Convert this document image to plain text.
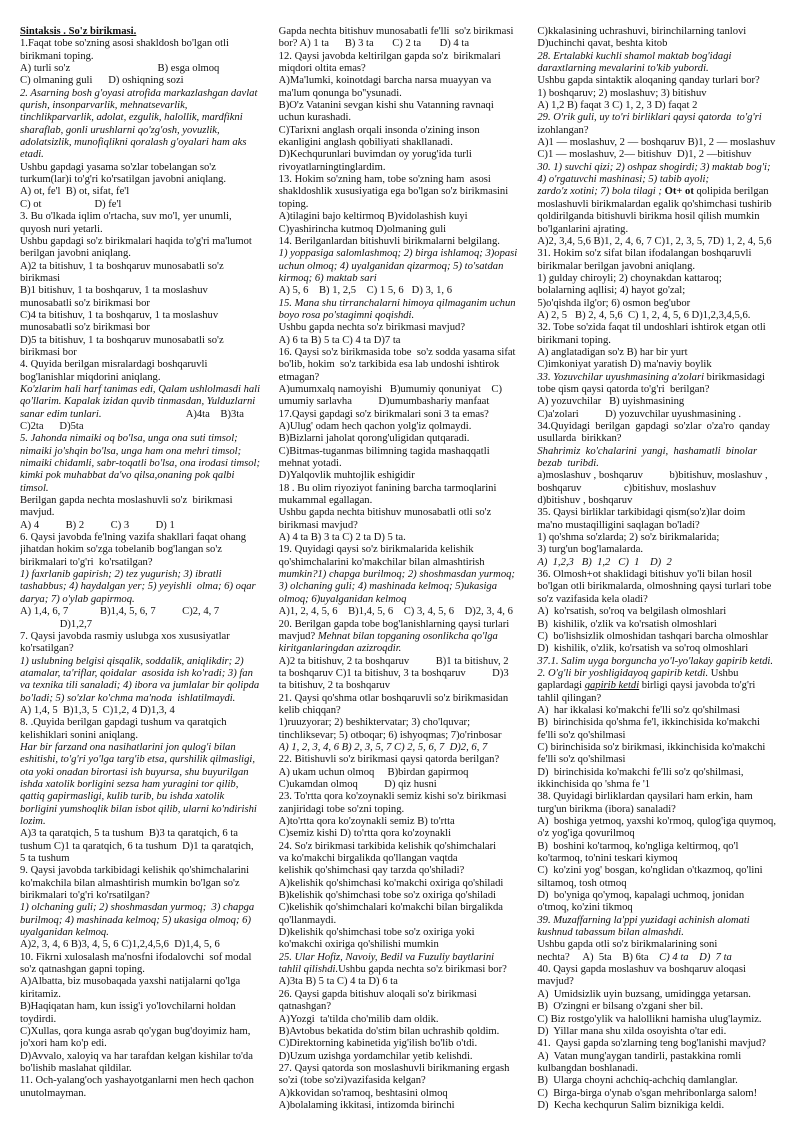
Sintaksis . So'z birikmasi.

1.Faqat tobe so'zning asosi shakldosh bo'lgan otli

birikmani toping.

A) turli so'z                                 B) esga olmoq

C) olmaning guli      D) oshiqning sozi

2. Asarning bosh g'oyasi atrofida markazlashgan davlat

qurish, insonparvarlik, mehnatsevarlik,

tinchlikparvarlik, adolat, ezgulik, halollik, mardfikni

sharaflab, gonli urushlarni qo'zg'osh, yovuzlik,

adolatsizlik, munofiqlikni qoralash g'oyalari ham aks

etadi.

Ushbu gapdagi yasama so'zlar tobelangan so'z

turkum(lar)i to'g'ri ko'rsatilgan javobni aniqlang.

A) ot, fe'l  B) ot, sifat, fe'l

C) ot                    D) fe'l

3. Bu o'lkada iqlim o'rtacha, suv mo'l, yer unumli,

quyosh nuri yetarli.

Ushbu gapdagi so'z birikmalari haqida to'g'ri ma'lumot

berilgan javobni aniqlang.

A)2 ta bitishuv, 1 ta boshqaruv munosabatli so'z

birikmasi

B)1 bitishuv, 1 ta boshqaruv, 1 ta moslashuv

munosabatli so'z birikmasi bor

C)4 ta bitishuv, 1 ta boshqaruv, 1 ta moslashuv

munosabatli so'z birikmasi bor

D)5 ta bitishuv, 1 ta boshqaruv munosabatli so'z

birikmasi bor

4. Quyida berilgan misralardagi boshqaruvli

bog'lanishlar miqdorini aniqlang.

Ko'zlarim hali harf tanimas edi, Qalam ushlolmasdi hali

qo'llarim. Kapalak izidan quvib tinmasdan, Yulduzlarni

sanar edim tunlari.                                A)4ta    B)3ta

C)2ta      D)5ta

5. Jahonda nimaiki oq bo'lsa, unga ona suti timsol;

nimaiki jo'shqin bo'lsa, unga ham ona mehri timsol;

nimaiki chidamli, sabr-toqatli bo'lsa, ona irodasi timsol;

kimki pok muhabbat da'vo qilsa,onaning pok qalbi

timsol.

Berilgan gapda nechta moslashuvli so'z  birikmasi

mavjud.

A) 4          B) 2          C) 3          D) 1

6. Qaysi javobda fe'lning vazifa shakllari faqat ohang

jihatdan hokim so'zga tobelanib bog'langan so'z

birikmalari to'g'ri  ko'rsatilgan?

1) faxrlanib gapirish; 2) tez yugurish; 3) ibratli

tashabbus; 4) haydalgan yer; 5) yeyishli  olma; 6) oqar

darya; 7) o'ylab gapirmoq.

A) 1,4, 6, 7            B)1,4, 5, 6, 7          C)2, 4, 7

D)1,2,7

7. Qaysi javobda rasmiy uslubga xos xususiyatlar

ko'rsatilgan?

1) uslubning belgisi qisqalik, soddalik, aniqlikdir; 2)

atamalar, ta'riflar, qoidalar  asosida ish ko'radi; 3) fan

va texnika tili sanaladi; 4) ibora va jumlalar bir qolipda

bo'ladi; 5) so'zlar ko'chma ma'noda  ishlatilmaydi.

A) 1,4, 5  B)1,3, 5  C)1,2, 4 D)1,3, 4

8. .Quyida berilgan gapdagi tushum va qaratqich

kelishiklari sonini aniqlang.

Har bir farzand ona nasihatlarini jon qulog'i bilan

eshitishi, to'g'ri yo'lga targ'ib etsa, qurshilik qilmasligi,

ota yoki onadan birortasi ish buyursa, shu buyurilgan

ishda xatolik borligini sezsa ham yuragini tor qilib,

qattiq gapirmasligi, kulib turib, bu ishda xatolik

borligini yumshoqlik bilan isbot qilib, ularni ko'ndirishi

lozim.

A)3 ta qaratqich, 5 ta tushum  B)3 ta qaratqich, 6 ta

tushum C)1 ta qaratqich, 6 ta tushum  D)1 ta qaratqich,

5 ta tushum

9. Qaysi javobda tarkibidagi kelishik qo'shimchalarini

ko'makchila bilan almashtirish mumkin bo'lgan so'z

birikmalari to'g'ri ko'rsatilgan?

1) olchaning guli; 2) shoshmasdan yurmoq;  3) chapga

burilmoq; 4) mashinada kelmoq; 5) ukasiga olmoq; 6)

uyalganidan kelmoq.

A)2, 3, 4, 6 B)3, 4, 5, 6 C)1,2,4,5,6  D)1,4, 5, 6

10. Fikrni xulosalash ma'nosfni ifodalovchi  sof modal

so'z qatnashgan gapni toping.

A)Albatta, biz musobaqada yaxshi natijalarni qo'lga

kiritamiz.

B)Haqiqatan ham, kun issig'i yo'lovchilarni holdan

toydirdi.

C)Xullas, qora kunga asrab qo'ygan bug'doyimiz ham,

jo'xori ham ko'p edi.

D)Avvalo, xaloyiq va har tarafdan kelgan kishilar to'da

bo'lishib maslahat qildilar.

11. Och-yalang'och yashayotganlarni men hech qachon

unutolmayman.

Gapda nechta bitishuv munosabatli fe'lli  so'z birikmasi

bor? A) 1 ta      B) 3 ta       C) 2 ta       D) 4 ta

12. Qaysi javobda keltirilgan gapda so'z  birikmalari

miqdori oltita emas?

A)Ma'lumki, koinotdagi barcha narsa muayyan va

ma'lum qonunga bo''ysunadi.

B)O'z Vatanini sevgan kishi shu Vatanning ravnaqi

uchun kurashadi.

C)Tarixni anglash orqali insonda o'zining inson

ekanligini anglash qobiliyati shakllanadi.

D)Kechqurunlari buvimdan oy yorug'ida turli

rivoyatlarningtinglardim.

13. Hokim so'zning ham, tobe so'zning ham  asosi

shakldoshlik xususiyatiga ega bo'lgan so'z birikmasini

toping.

A)tilagini bajo keltirmoq B)vidolashish kuyi

C)yashirincha kutmoq D)olmaning guli

14. Berilganlardan bitishuvli birikmalarni belgilang.

1) yoppasiga salomlashmoq; 2) birga ishlamoq; 3)opasi

uchun olmoq; 4) uyalganidan qizarmoq; 5) to'satdan

kirmoq; 6) maktab sari

A) 5, 6    B) 1, 2,5    C) 1 5, 6   D) 3, 1, 6

15. Mana shu tirranchalarni himoya qilmaganim uchun

boyo rosa po'stagimni qoqishdi.

Ushbu gapda nechta so'z birikmasi mavjud?

A) 6 ta B) 5 ta C) 4 ta D)7 ta

16. Qaysi so'z birikmasida tobe  so'z sodda yasama sifat

bo'lib, hokim  so'z tarkibida esa lab undoshi ishtirok

etmagan?

A)umumxalq namoyishi   B)umumiy qonuniyat    C)

umumiy sarlavha          D)umumbashariy manfaat

17.Qaysi gapdagi so'z birikmalari soni 3 ta emas?

A)Ulug' odam hech qachon yolg'iz qolmaydi.

B)Bizlarni jaholat qorong'uligidan qutqaradi.

C)Bitmas-tuganmas bilimning tagida mashaqqatli

mehnat yotadi.

D)Yalqovlik muhtojlik eshigidir

18 . Bu olim riyoziyot fanining barcha tarmoqlarini

mukammal egallagan.

Ushbu gapda nechta bitishuv munosabatli otli so'z

birikmasi mavjud?

A) 4 ta B) 3 ta C) 2 ta D) 5 ta.

19. Quyidagi qaysi so'z birikmalarida kelishik

qo'shimchalarini ko'makchilar bilan almashtirish

mumkin?1) chapga burilmoq; 2) shoshmasdan yurmoq;

3) olchaning guli; 4) mashinada kelmoq; 5)ukasiga

olmoq; 6)uyalganidan kelmoq

A)1, 2, 4, 5, 6    B)1,4, 5, 6    C) 3, 4, 5, 6    D)2, 3, 4, 6

20. Berilgan gapda tobe bog'lanishlarning qaysi turlari

mavjud? Mehnat bilan topganing osonlikcha qo'lga

kiritganlaringdan azizroqdir.

A)2 ta bitishuv, 2 ta boshqaruv          B)1 ta bitishuv, 2

ta boshqaruv C)1 ta bitishuv, 3 ta boshqaruv          D)3

ta bitishuv, 2 ta boshqaruv

21. Qaysi qo'shma otlar boshqaruvli so'z birikmasidan

kelib chiqqan?

1)ruuzyorar; 2) beshiktervatar; 3) cho'lquvar;

tinchliksevar; 5) otboqar; 6) ishyoqmas; 7)o'rinbosar

A) 1, 2, 3, 4, 6 B) 2, 3, 5, 7 C) 2, 5, 6, 7  D)2, 6, 7

22. Bitishuvli so'z birikmasi qaysi qatorda berilgan?

A) ukam uchun olmoq     B)birdan gapirmoq

C)ukamdan olmoq          D) qiz husni

23. To'rtta qora ko'zoynakli semiz kishi so'z birikmasi

zanjiridagi tobe so'zni toping.

A)to'rtta qora ko'zoynakli semiz B) to'rtta

C)semiz kishi D) to'rtta qora ko'zoynakli

24. So'z birikmasi tarkibida kelishik qo'shimchalari

va ko'makchi birgalikda qo'llangan vaqtda

kelishik qo'shimchasi qay tarzda qo'shiladi?

A)kelishik qo'shimchasi ko'makchi oxiriga qo'shiladi

B)kelishik qo'shimchasi tobe so'z oxiriga qo'shiladi

C)kelishik qo'shimchalari ko'makchi bilan birgalikda

qo'llanmaydi.

D)kelishik qo'shimchasi tobe so'z oxiriga yoki

ko'makchi oxiriga qo'shilishi mumkin

25. Ular Hofiz, Navoiy, Bedil va Fuzuliy baytlarini

tahlil qilishdi.Ushbu gapda nechta so'z birikmasi bor?

A)3ta B) 5 ta C) 4 ta D) 6 ta

26. Qaysi gapda bitishuv aloqali so'z birikmasi

qatnashgan?

A)Yozgi  ta'tilda cho'milib dam oldik.

B)Avtobus bekatida do'stim bilan uchrashib qoldim.

C)Direktorning kabinetida yig'ilish bo'lib o'tdi.

D)Uzum uzishga yordamchilar yetib kelishdi.

27. Qaysi qatorda son moslashuvli birikmaning ergash

so'zi (tobe so'zi)vazifasida kelgan?

A)kkovidan so'ramoq, beshtasini olmoq

A)bolalaming ikkitasi, intizomda birinchi

C)kkalasining uchrashuvi, birinchilarning tanlovi

D)uchinchi qavat, beshta kitob

28. Ertalabki kuchli shamol maktab bog'idagi

daraxtlarning mevalarini to'kib yubordi.

Ushbu gapda sintaktik aloqaning qanday turlari bor?

1) boshqaruv; 2) moslashuv; 3) bitishuv

A) 1,2 B) faqat 3 C) 1, 2, 3 D) faqat 2

29. O'rik guli, uy to'ri birliklari qaysi qatorda  to'g'ri

izohlangan?

A)1 — moslashuv, 2 — boshqaruv B)1, 2 — moslashuv

C)1 — moslashuv, 2— bitishuv  D)1, 2 —bitishuv

30. 1) suvchi qizi; 2) oshpaz shogirdi; 3) maktab bog'i;

4) o'rgatuvchi mashinasi; 5) tabib ayoli;

zardo'z xotini; 7) bola tilagi ; Ot+ ot qolipida berilgan

moslashuvli birikmalardan egalik qo'shimchasi tushirib

qoldirilganda bitishuvli birikma hosil qilish mumkin

bo'lganlarini ajrating.

A)2, 3,4, 5,6 B)1, 2, 4, 6, 7 C)1, 2, 3, 5, 7D) 1, 2, 4, 5,6

31. Hokim so'z sifat bilan ifodalangan boshqaruvli

birikmalar berilgan javobni aniqlang.

1) gulday chiroyli; 2) choynakdan kattaroq;

bolalarning aqllisi; 4) hayot go'zal;

5)o'qishda ilg'or; 6) osmon beg'ubor

A) 2, 5   B) 2, 4, 5,6  C) 1, 2, 4, 5, 6 D)1,2,3,4,5,6.

32. Tobe so'zida faqat til undoshlari ishtirok etgan otli

birikmani toping.

A) anglatadigan so'z B) har bir yurt

C)imkoniyat yaratish D) ma'naviy boylik

33. Yozuvchilar uyushmasining a'zolari birikmasidagi

tobe qism qaysi qatorda to'g'ri  berilgan?

A) yozuvchilar   B) uyishmasining

C)a'zolari          D) yozuvchilar uyushmasining .

34.Quyidagi  berilgan  gapdagi  so'zlar  o'za'ro  qanday

usullarda  birikkan?

Shahrimiz  ko'chalarini  yangi,  hashamatli  binolar

bezab  turibdi.

a)moslashuv , boshqaruv          b)bitishuv, moslashuv ,

boshqaruv                c)bitishuv, moslashuv

d)bitishuv , boshqaruv

35. Qaysi birliklar tarkibidagi qism(so'z)lar doim

ma'no mustaqilligini saqlagan bo'ladi?

1) qo'shma so'zlarda; 2) so'z birikmalarida;

3) turg'un bog'lamalarda.

A)  1,2,3   B)  1,2   C)  1    D)  2

36. Olmosh+ot shaklidagi bitishuv yo'li bilan hosil

bo'lgan otli birikmalarda, olmoshning qaysi turlari tobe

so'z vazifasida kela oladi?

A)  ko'rsatish, so'roq va belgilash olmoshlari

B)  kishilik, o'zlik va ko'rsatish olmoshlari

C)  bo'lishsizlik olmoshidan tashqari barcha olmoshlar

D)  kishilik, o'zlik, ko'rsatish va so'roq olmoshlari

37.1. Salim uyga borguncha yo'l-yo'lakay gapirib ketdi.

2. O'g'li bir yoshligidayoq gapirib ketdi. Ushbu

gaplardagi gapirib ketdi birligi qaysi javobda to'g'ri

tahlil qilingan?

A)  har ikkalasi ko'makchi fe'lli so'z qo'shilmasi

B)  birinchisida qo'shma fe'l, ikkinchisida ko'makchi

fe'lli so'z qo'shilmasi

C) birinchisida so'z birikmasi, ikkinchisida ko'makchi

fe'lli so'z qo'shilmasi

D)  birinchisida ko'makchi fe'lli so'z qo'shilmasi,

ikkinchisida qo 'shma fe '1

38. Quyidagi birliklardan qaysilari ham erkin, ham

turg'un birikma (ibora) sanaladi?

A)  boshiga yetmoq, yaxshi ko'rmoq, qulog'iga quymoq,

o'z yog'iga qovurilmoq

B)  boshini ko'tarmoq, ko'ngliga keltirmoq, qo'l

ko'tarmoq, to'nini teskari kiymoq

C)  ko'zini yog' bosgan, ko'nglidan o'tkazmoq, qo'lini

siltamoq, tosh otmoq

D)  bo'yniga qo'ymoq, kapalagi uchmoq, jonidan

o'tmoq, ko'zini tikmoq

39. Muzaffarning la'ppi yuzidagi achinish alomati

kushnud tabassum bilan almashdi.

Ushbu gapda otli so'z birikmalarining soni

nechta?     A)  5ta    B) 6ta    C) 4 ta    D)  7 ta

40. Qaysi gapda moslashuv va boshqaruv aloqasi

mavjud?

A)  Umidsizlik uyin buzsang, umidingga yetarsan.

B)  O'zingni er bilsang o'zgani sher bil.

C) Biz rostgo'ylik va halollikni hamisha ulug'laymiz.

D)  Yillar mana shu xilda osoyishta o'tar edi.

41.  Qaysi gapda so'zlarning teng bog'lanishi mavjud?

A)  Vatan mung'aygan tandirli, pastakkina romli

kulbangdan boshlanadi.

B)  Ularga choyni achchiq-achchiq damlanglar.

C)  Birga-birga o'ynab o'sgan mehribonlarga salom!

D)  Kecha kechqurun Salim biznikiga keldi.
